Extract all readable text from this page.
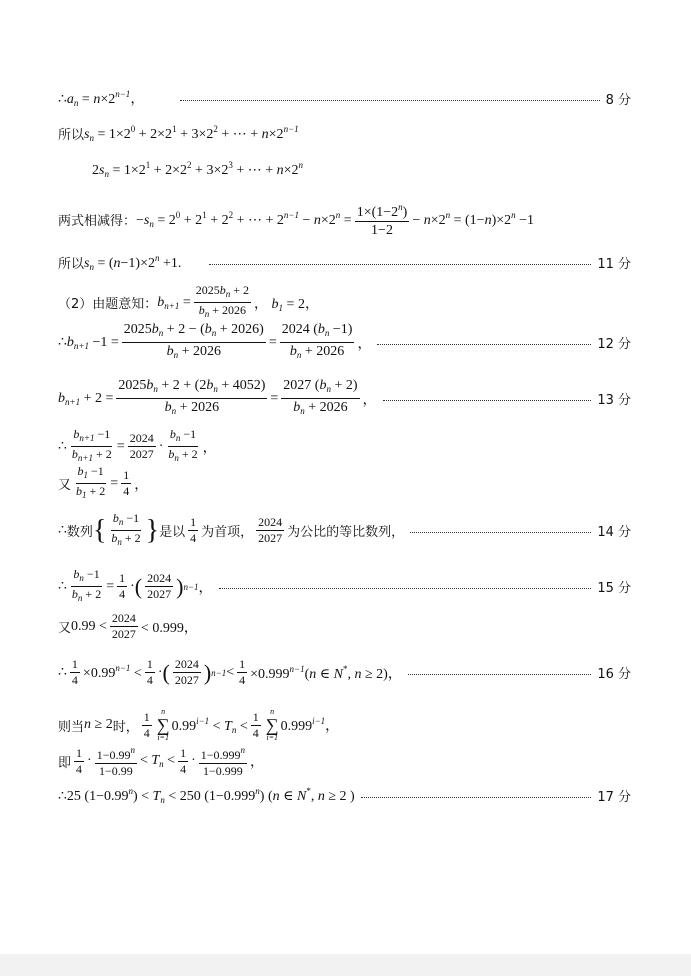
$\therefore a_n = n\times 2^{n-1}$，	8 分
所以 $s_n = 1\times 2^0 + 2\times 2^1 + 3\times 2^2$ + ⋯ + $n\times 2^{n-1}$
$2s_n = 1\times 2^1 + 2\times 2^2 + 3\times 2^3$ + ⋯ + $n\times 2^n$
两式相减得： $-s_n = 2^0 + 2^1 + 2^2$ + ⋯ + $2^{n-1} - n\times 2^n = \frac{1\times(1-2^n)}{1-2} - n\times 2^n = (1-n)\times 2^n -1$
所以 $s_n = (n-1)\times 2^n +1$.	11 分
（2）由题意知： $b_{n+1} = \frac{2025b_n + 2}{b_n + 2026}$ ， $b_1 = 2$，
$\therefore b_{n+1} -1 = \frac{2025b_n + 2 - (b_n + 2026)}{b_n + 2026} = \frac{2024 (b_n -1)}{b_n + 2026}$ ，	12 分
$b_{n+1} + 2 = \frac{2025b_n + 2 + (2b_n + 4052)}{b_n + 2026} = \frac{2027 (b_n + 2)}{b_n + 2026}$ ，	13 分
∴ $\frac{b_{n+1} -1}{b_{n+1} + 2} = \frac{2024}{2027} \cdot \frac{b_n -1}{b_n + 2}$ ，
又 $\frac{b_1 -1}{b_1 + 2} = \frac{1}{4}$ ，
∴ 数列 { $\frac{b_n -1}{b_n + 2}$ } 是以 $\frac{1}{4}$ 为首项， $\frac{2024}{2027}$ 为公比的等比数列，	14 分
∴ $\frac{b_n -1}{b_n + 2} = \frac{1}{4}$ · ( $\frac{2024}{2027}$ ) n−1 ，	15 分
又 $0.99 < \frac{2024}{2027} < 0.999$，
∴ $\frac{1}{4} \times 0.99^{n-1} < \frac{1}{4}$ · ( $\frac{2024}{2027}$ ) $n-1 < \frac{1}{4} \times 0.999^{n-1}(n$ ∈ N*, n ≥ 2)，	16 分
则当 n ≥ 2 时， $\frac{1}{4}$ n
∑
i=1
$0.99^{i-1} < T_n < \frac{1}{4}$ n
∑
i=1
$0.999^{i-1}$，
即 $\frac{1}{4} \cdot \frac{1-0.99^n}{1-0.99} < T_n < \frac{1}{4} \cdot \frac{1-0.999^n}{1-0.999}$ ，
∴25 $(1-0.99^n) < T_n < 250$ $(1-0.999^n)$ (n ∈ N*, n ≥ 2 )	17 分
